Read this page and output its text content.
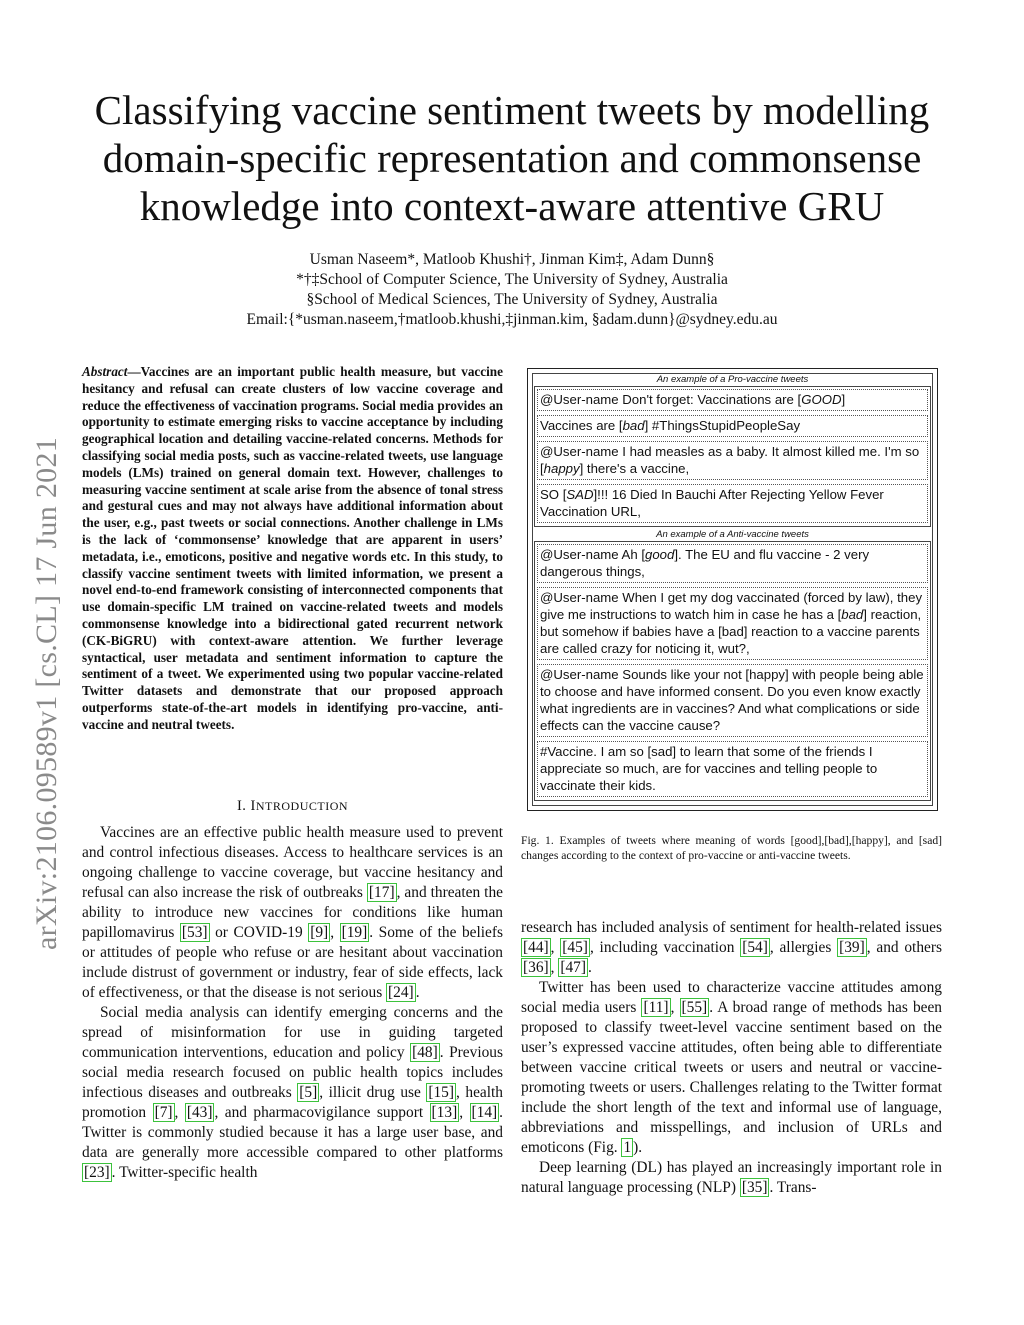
Classifying vaccine sentiment tweets by modelling
domain-specific representation and commonsense
knowledge into context-aware attentive GRU
Usman Naseem*, Matloob Khushi†, Jinman Kim‡, Adam Dunn§
*†‡School of Computer Science, The University of Sydney, Australia
§School of Medical Sciences, The University of Sydney, Australia
Email:{*usman.naseem,†matloob.khushi,‡jinman.kim, §adam.dunn}@sydney.edu.au
arXiv:2106.09589v1 [cs.CL] 17 Jun 2021
Abstract—Vaccines are an important public health measure, but vaccine hesitancy and refusal can create clusters of low vaccine coverage and reduce the effectiveness of vaccination programs. Social media provides an opportunity to estimate emerging risks to vaccine acceptance by including geographical location and detailing vaccine-related concerns. Methods for classifying social media posts, such as vaccine-related tweets, use language models (LMs) trained on general domain text. However, challenges to measuring vaccine sentiment at scale arise from the absence of tonal stress and gestural cues and may not always have additional information about the user, e.g., past tweets or social connections. Another challenge in LMs is the lack of ‘commonsense’ knowledge that are apparent in users’ metadata, i.e., emoticons, positive and negative words etc. In this study, to classify vaccine sentiment tweets with limited information, we present a novel end-to-end framework consisting of interconnected components that use domain-specific LM trained on vaccine-related tweets and models commonsense knowledge into a bidirectional gated recurrent network (CK-BiGRU) with context-aware attention. We further leverage syntactical, user metadata and sentiment information to capture the sentiment of a tweet. We experimented using two popular vaccine-related Twitter datasets and demonstrate that our proposed approach outperforms state-of-the-art models in identifying pro-vaccine, anti-vaccine and neutral tweets.
I. INTRODUCTION

Vaccines are an effective public health measure used to prevent and control infectious diseases. Access to healthcare services is an ongoing challenge to vaccine coverage, but vaccine hesitancy and refusal can also increase the risk of outbreaks [17] , and threaten the ability to introduce new vaccines for conditions like human papillomavirus [53] or COVID-19 [9] , [19] . Some of the beliefs or attitudes of people who refuse or are hesitant about vaccination include distrust of government or industry, fear of side effects, lack of effectiveness, or that the disease is not serious [24] .

Social media analysis can identify emerging concerns and the spread of misinformation for use in guiding targeted communication interventions, education and policy [48] . Previous social media research focused on public health topics includes infectious diseases and outbreaks [5] , illicit drug use [15] , health promotion [7] , [43] , and pharmacovigilance support [13] , [14] . Twitter is commonly studied because it has a large user base, and data are generally more accessible compared to other platforms [23] . Twitter-specific health

An example of a Pro-vaccine tweets
@User-name Don't forget: Vaccinations are [GOOD]
Vaccines are [bad] #ThingsStupidPeopleSay
@User-name I had measles as a baby. It almost killed me. I'm so [happy] there's a vaccine,
SO [SAD]!!! 16 Died In Bauchi After Rejecting Yellow Fever Vaccination URL,
An example of a Anti-vaccine tweets
@User-name Ah [good]. The EU and flu vaccine - 2 very dangerous things,
@User-name When I get my dog vaccinated (forced by law), they give me instructions to watch him in case he has a [bad] reaction, but somehow if babies have a [bad] reaction to a vaccine parents are called crazy for noticing it, wut?,
@User-name Sounds like your not [happy] with people being able to choose and have informed consent. Do you even know exactly what ingredients are in vaccines? And what complications or side effects can the vaccine cause?
#Vaccine. I am so [sad] to learn that some of the friends I appreciate so much, are for vaccines and telling people to vaccinate their kids.
Fig. 1. Examples of tweets where meaning of words [good],[bad],[happy], and [sad] changes according to the context of pro-vaccine or anti-vaccine tweets.

research has included analysis of sentiment for health-related issues [44] , [45] , including vaccination [54] , allergies [39] , and others [36] , [47] .

Twitter has been used to characterize vaccine attitudes among social media users [11] , [55] . A broad range of methods has been proposed to classify tweet-level vaccine sentiment based on the user’s expressed vaccine attitudes, often being able to differentiate between vaccine critical tweets or users and neutral or vaccine-promoting tweets or users. Challenges relating to the Twitter format include the short length of the text and informal use of language, abbreviations and misspellings, and inclusion of URLs and emoticons (Fig. 1 ).

Deep learning (DL) has played an increasingly important role in natural language processing (NLP) [35] . Trans-
